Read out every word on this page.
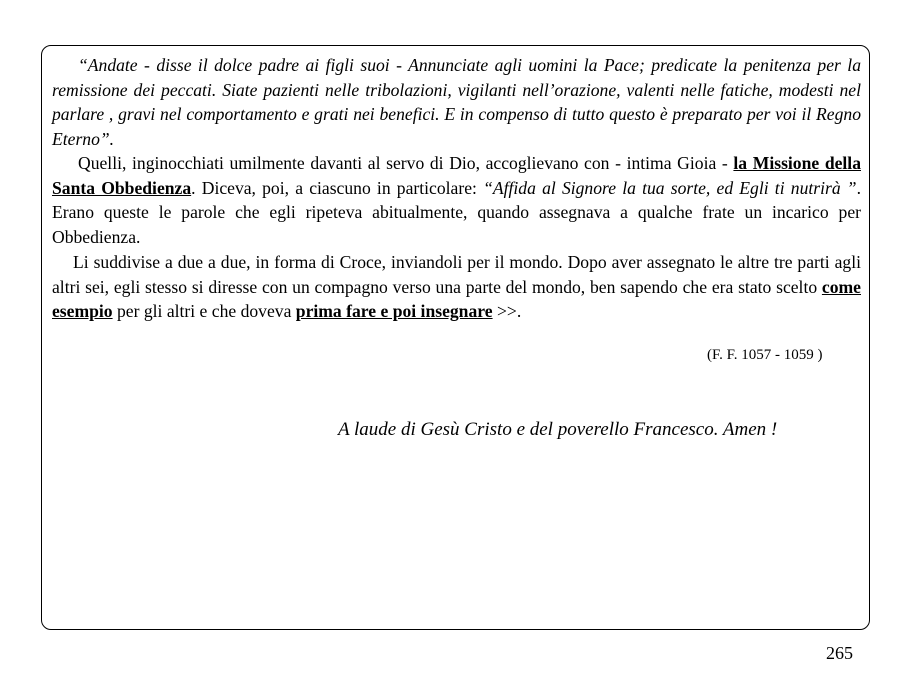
“Andate - disse il dolce padre ai figli suoi - Annunciate agli uomini la Pace; predicate la penitenza per la remissione dei peccati. Siate pazienti nelle tribolazioni, vigilanti nell’orazione, valenti nelle fatiche, modesti nel parlare , gravi nel comportamento e grati nei benefici. E in compenso di tutto questo è preparato per voi il Regno Eterno”.

Quelli, inginocchiati umilmente davanti al servo di Dio, accoglievano con - intima Gioia - la Missione della Santa Obbedienza. Diceva, poi, a ciascuno in particolare: “Affida al Signore la tua sorte, ed Egli ti nutrirà ”. Erano queste le parole che egli ripeteva abitualmente, quando assegnava a qualche frate un incarico per Obbedienza.

Li suddivise a due a due, in forma di Croce, inviandoli per il mondo. Dopo aver assegnato le altre tre parti agli altri sei, egli stesso si diresse con un compagno verso una parte del mondo, ben sapendo che era stato scelto come esempio per gli altri e che doveva prima fare e poi insegnare >>.

(F. F. 1057 - 1059 )

A laude di Gesù Cristo e del poverello Francesco. Amen !

265
